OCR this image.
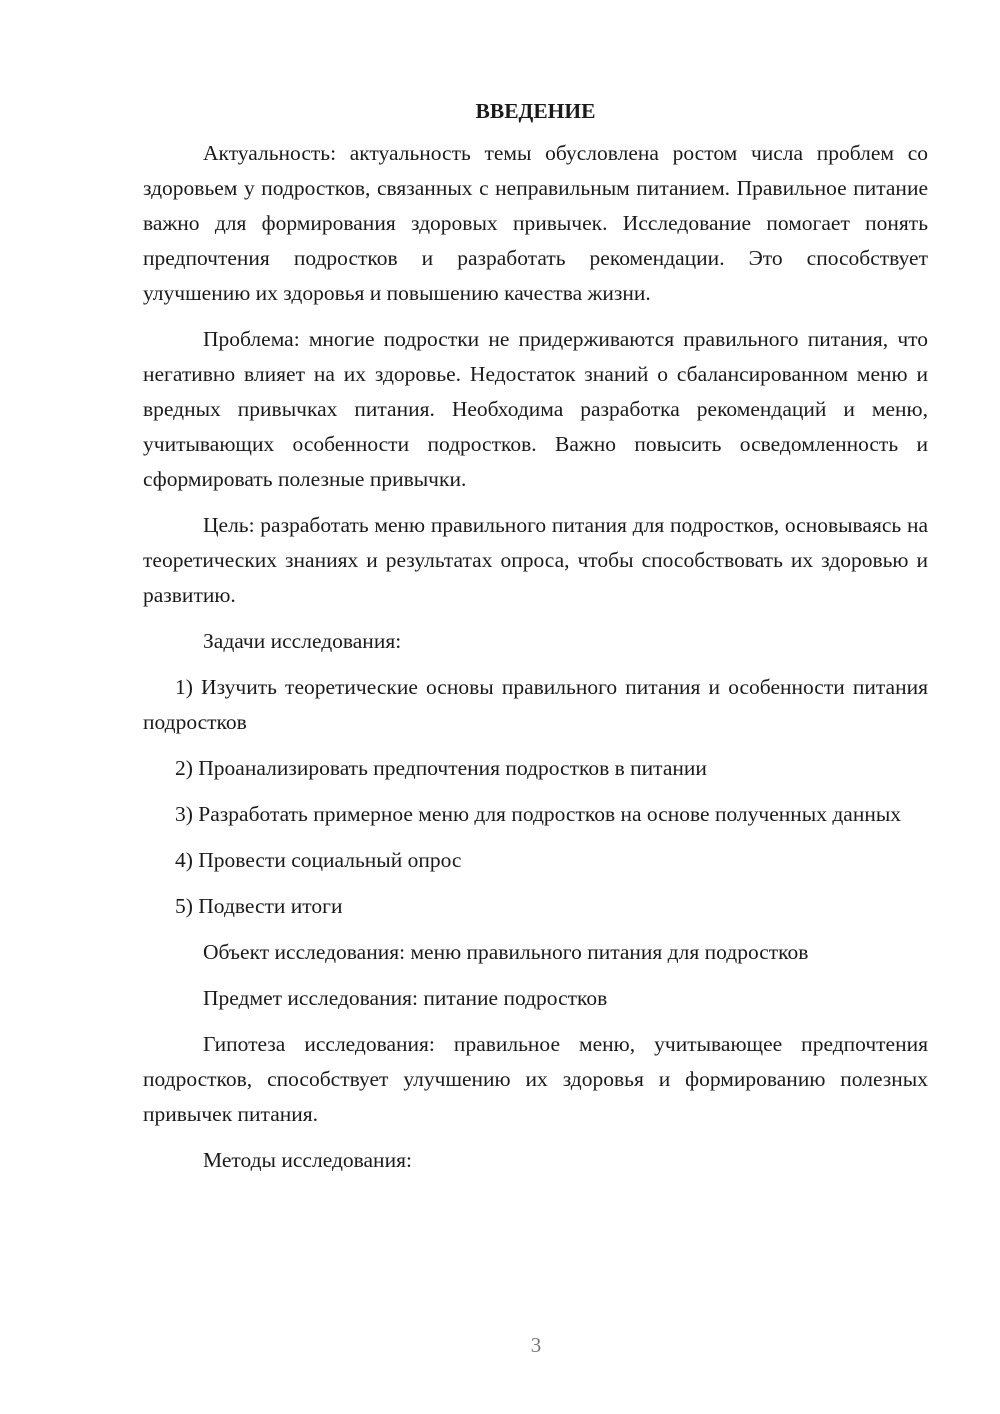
ВВЕДЕНИЕ

Актуальность: актуальность темы обусловлена ростом числа проблем со здоровьем у подростков, связанных с неправильным питанием. Правильное питание важно для формирования здоровых привычек. Исследование помогает понять предпочтения подростков и разработать рекомендации. Это способствует улучшению их здоровья и повышению качества жизни.

Проблема: многие подростки не придерживаются правильного питания, что негативно влияет на их здоровье. Недостаток знаний о сбалансированном меню и вредных привычках питания. Необходима разработка рекомендаций и меню, учитывающих особенности подростков. Важно повысить осведомленность и сформировать полезные привычки.

Цель: разработать меню правильного питания для подростков, основываясь на теоретических знаниях и результатах опроса, чтобы способствовать их здоровью и развитию.

Задачи исследования:

1) Изучить теоретические основы правильного питания и особенности питания подростков

2) Проанализировать предпочтения подростков в питании

3) Разработать примерное меню для подростков на основе полученных данных

4) Провести социальный опрос

5) Подвести итоги

Объект исследования: меню правильного питания для подростков

Предмет исследования: питание подростков

Гипотеза исследования: правильное меню, учитывающее предпочтения подростков, способствует улучшению их здоровья и формированию полезных привычек питания.

Методы исследования:

3
